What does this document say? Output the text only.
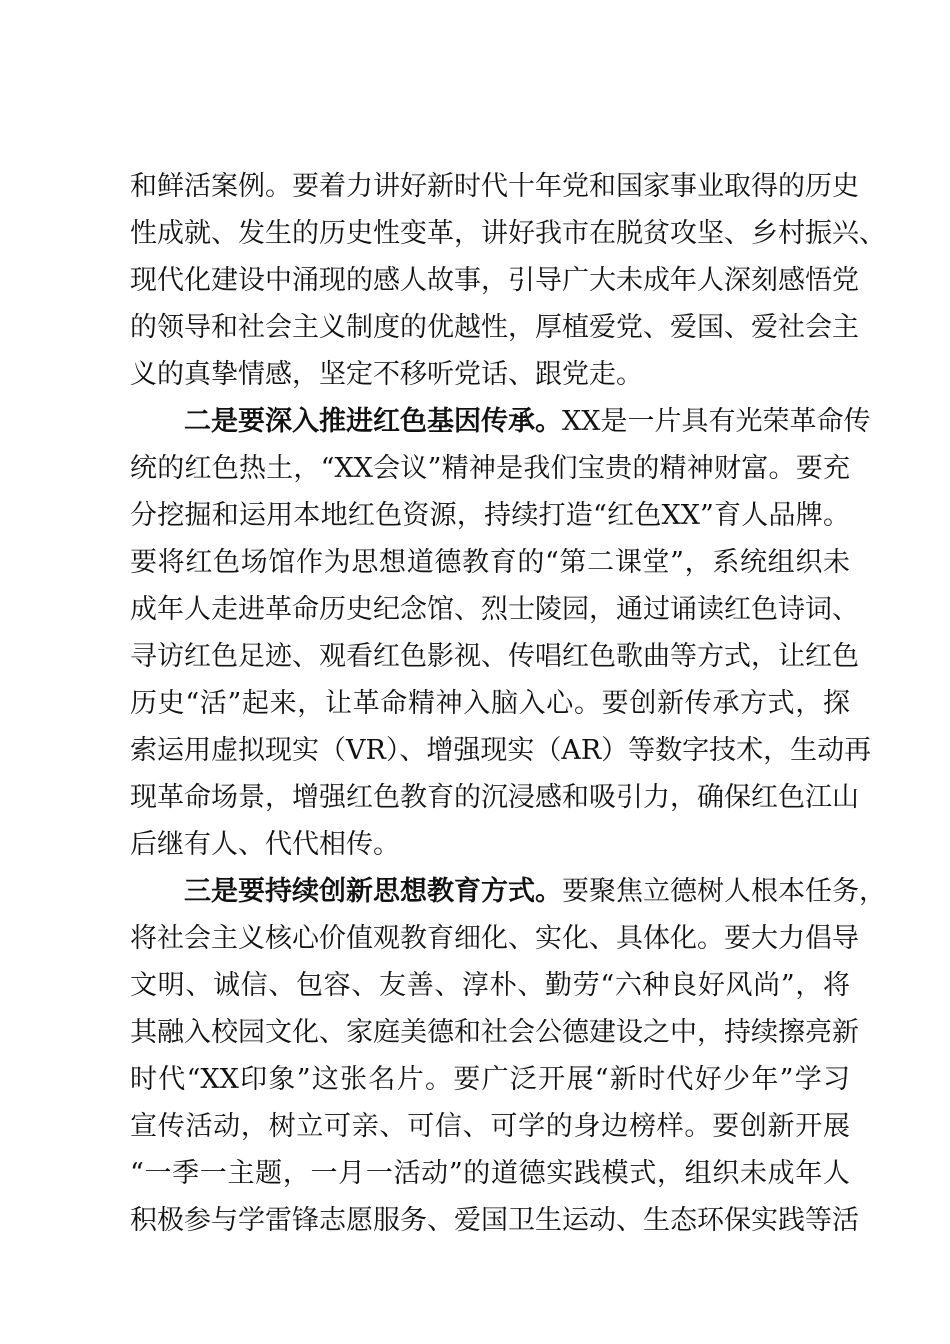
和鲜活案例。要着力讲好新时代十年党和国家事业取得的历史
性成就、发生的历史性变革，讲好我市在脱贫攻坚、乡村振兴、
现代化建设中涌现的感人故事，引导广大未成年人深刻感悟党
的领导和社会主义制度的优越性，厚植爱党、爱国、爱社会主
义的真挚情感，坚定不移听党话、跟党走。
二是要深入推进红色基因传承。XX是一片具有光荣革命传
统的红色热土，“XX会议”精神是我们宝贵的精神财富。要充
分挖掘和运用本地红色资源，持续打造“红色XX”育人品牌。
要将红色场馆作为思想道德教育的“第二课堂”，系统组织未
成年人走进革命历史纪念馆、烈士陵园，通过诵读红色诗词、
寻访红色足迹、观看红色影视、传唱红色歌曲等方式，让红色
历史“活”起来，让革命精神入脑入心。要创新传承方式，探
索运用虚拟现实（VR）、增强现实（AR）等数字技术，生动再
现革命场景，增强红色教育的沉浸感和吸引力，确保红色江山
后继有人、代代相传。
三是要持续创新思想教育方式。要聚焦立德树人根本任务，
将社会主义核心价值观教育细化、实化、具体化。要大力倡导
文明、诚信、包容、友善、淳朴、勤劳“六种良好风尚”，将
其融入校园文化、家庭美德和社会公德建设之中，持续擦亮新
时代“XX印象”这张名片。要广泛开展“新时代好少年”学习
宣传活动，树立可亲、可信、可学的身边榜样。要创新开展
“一季一主题，一月一活动”的道德实践模式，组织未成年人
积极参与学雷锋志愿服务、爱国卫生运动、生态环保实践等活
